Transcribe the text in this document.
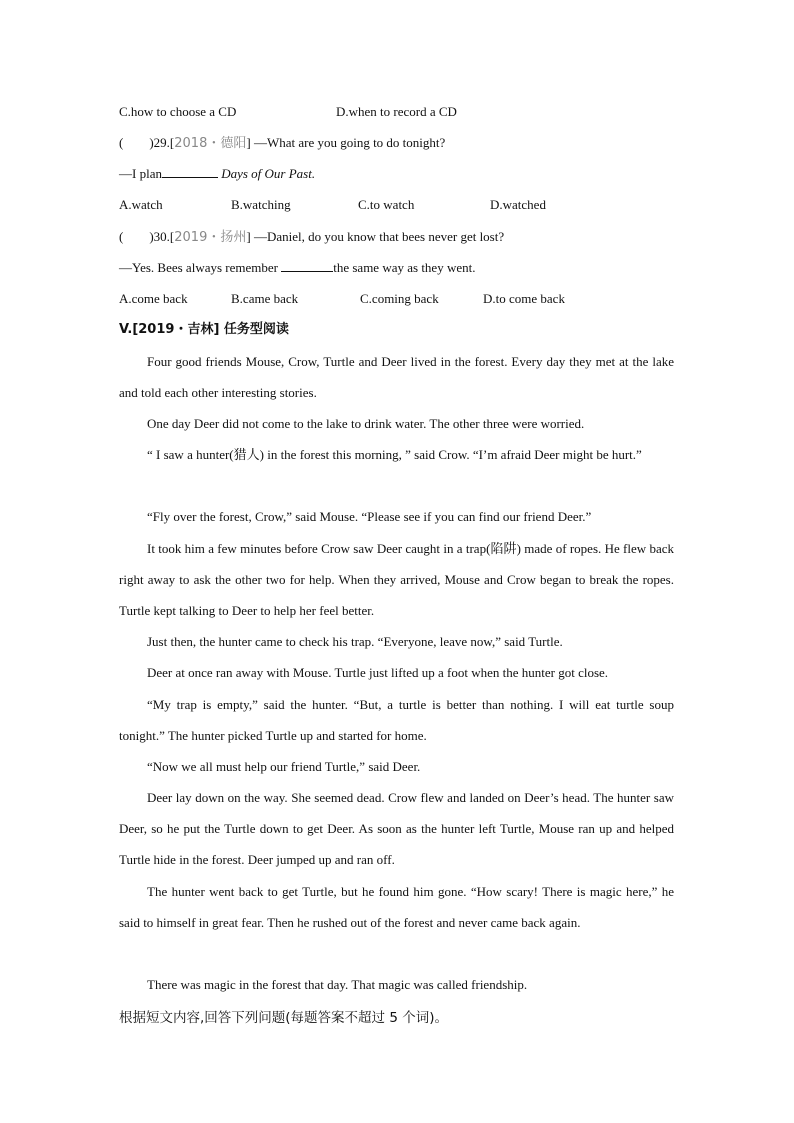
C.how to choose a CD	D.when to record a CD
(　　)29.[2018・德阳] —What are you going to do tonight?
—I plan	Days of Our Past.
A.watch	B.watching	C.to watch	D.watched
(　　)30.[2019・扬州] —Daniel, do you know that bees never get lost?
—Yes. Bees always remember	the same way as they went.
A.come back	B.came back	C.coming back	D.to come back
V.[2019・吉林] 任务型阅读
Four good friends Mouse, Crow, Turtle and Deer lived in the forest. Every day they met at the lake and told each other interesting stories.
One day Deer did not come to the lake to drink water. The other three were worried.
“ I saw a hunter(猎人) in the forest this morning, ” said Crow. “I’m afraid Deer might be hurt.”
“Fly over the forest, Crow,” said Mouse. “Please see if you can find our friend Deer.”
It took him a few minutes before Crow saw Deer caught in a trap(陷阱) made of ropes. He flew back right away to ask the other two for help. When they arrived, Mouse and Crow began to break the ropes. Turtle kept talking to Deer to help her feel better.
Just then, the hunter came to check his trap. “Everyone, leave now,” said Turtle.
Deer at once ran away with Mouse. Turtle just lifted up a foot when the hunter got close.
“My trap is empty,” said the hunter. “But, a turtle is better than nothing. I will eat turtle soup tonight.” The hunter picked Turtle up and started for home.
“Now we all must help our friend Turtle,” said Deer.
Deer lay down on the way. She seemed dead. Crow flew and landed on Deer’s head. The hunter saw Deer, so he put the Turtle down to get Deer. As soon as the hunter left Turtle, Mouse ran up and helped Turtle hide in the forest. Deer jumped up and ran off.
The hunter went back to get Turtle, but he found him gone. “How scary! There is magic here,” he said to himself in great fear. Then he rushed out of the forest and never came back again.
There was magic in the forest that day. That magic was called friendship.
根据短文内容,回答下列问题(每题答案不超过 5 个词)。
